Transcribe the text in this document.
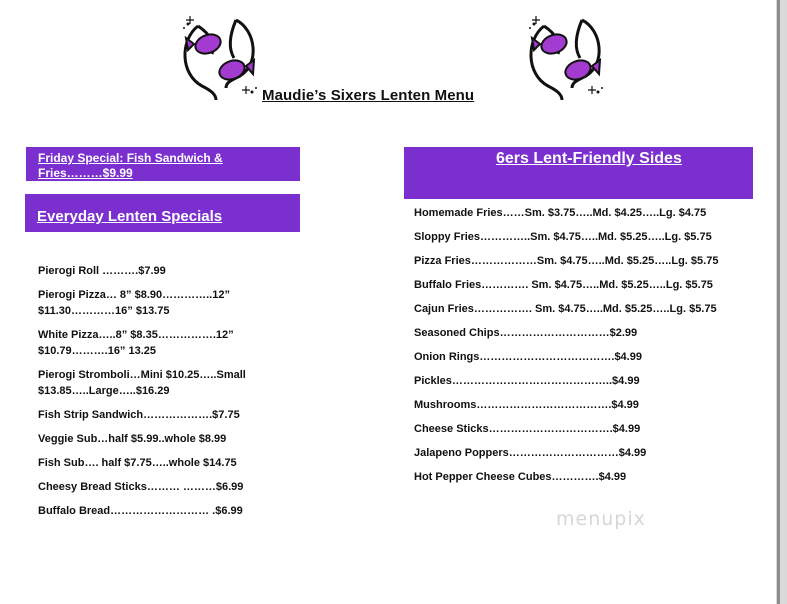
Maudie’s Sixers Lenten Menu
Friday Special: Fish Sandwich & Fries………$9.99
Everyday Lenten Specials
6ers Lent-Friendly Sides
Pierogi Roll ……….$7.99
Pierogi Pizza… 8” $8.90…………..12” $11.30…………16” $13.75
White Pizza…..8” $8.35…………….12” $10.79……….16” 13.25
Pierogi Stromboli…Mini $10.25…..Small $13.85…..Large…..$16.29
Fish Strip Sandwich……………….$7.75
Veggie Sub…half $5.99..whole $8.99
Fish Sub…. half $7.75…..whole $14.75
Cheesy Bread Sticks……… ………$6.99
Buffalo Bread……………………… .$6.99
Homemade Fries……Sm. $3.75…..Md. $4.25…..Lg. $4.75
Sloppy Fries…………..Sm. $4.75…..Md. $5.25…..Lg. $5.75
Pizza Fries………………Sm. $4.75…..Md. $5.25…..Lg. $5.75
Buffalo Fries…………. Sm. $4.75…..Md. $5.25…..Lg. $5.75
Cajun Fries……………. Sm. $4.75…..Md. $5.25…..Lg. $5.75
Seasoned Chips…………………………$2.99
Onion Rings……………………………….$4.99
Pickles……………………………………..$4.99
Mushrooms……………………………….$4.99
Cheese Sticks…………………………….$4.99
Jalapeno Poppers…………………………$4.99
Hot Pepper Cheese Cubes………….$4.99
menupix
